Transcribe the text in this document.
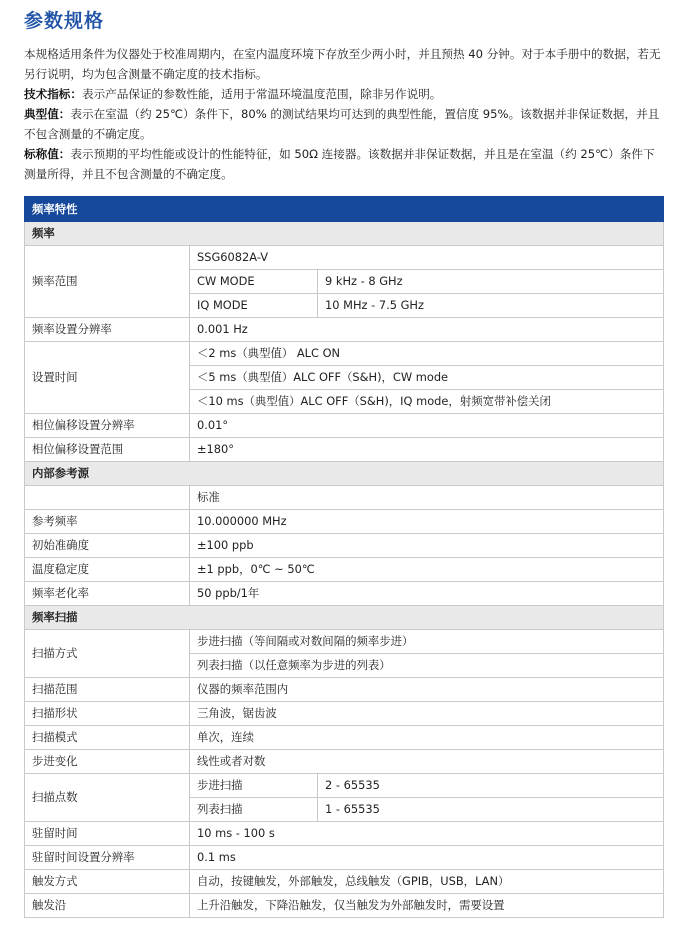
参数规格

本规格适用条件为仪器处于校准周期内，在室内温度环境下存放至少两小时，并且预热 40 分钟。对于本手册中的数据，若无另行说明，均为包含测量不确定度的技术指标。

技术指标：表示产品保证的参数性能，适用于常温环境温度范围，除非另作说明。

典型值：表示在室温（约 25℃）条件下，80% 的测试结果均可达到的典型性能，置信度 95%。该数据并非保证数据，并且不包含测量的不确定度。

标称值：表示预期的平均性能或设计的性能特征，如 50Ω 连接器。该数据并非保证数据，并且是在室温（约 25℃）条件下测量所得，并且不包含测量的不确定度。

频率特性		
频率		
频率范围	SSG6082A-V	
	CW MODE	9 kHz - 8 GHz
	IQ MODE	10 MHz - 7.5 GHz
频率设置分辨率	0.001 Hz	
设置时间	＜2 ms（典型值） ALC ON	
	＜5 ms（典型值）ALC OFF（S&H)，CW mode	
	＜10 ms（典型值）ALC OFF（S&H)，IQ mode，射频宽带补偿关闭	
相位偏移设置分辨率	0.01°	
相位偏移设置范围	±180°	
内部参考源		
	标准	
参考频率	10.000000 MHz	
初始准确度	±100 ppb	
温度稳定度	±1 ppb，0℃ ~ 50℃	
频率老化率	50 ppb/1年	
频率扫描		
扫描方式	步进扫描（等间隔或对数间隔的频率步进）	
	列表扫描（以任意频率为步进的列表）	
扫描范围	仪器的频率范围内	
扫描形状	三角波，锯齿波	
扫描模式	单次，连续	
步进变化	线性或者对数	
扫描点数	步进扫描	2 - 65535
	列表扫描	1 - 65535
驻留时间	10 ms - 100 s	
驻留时间设置分辨率	0.1 ms	
触发方式	自动，按键触发，外部触发，总线触发（GPIB，USB，LAN）	
触发沿	上升沿触发，下降沿触发，仅当触发为外部触发时，需要设置	
